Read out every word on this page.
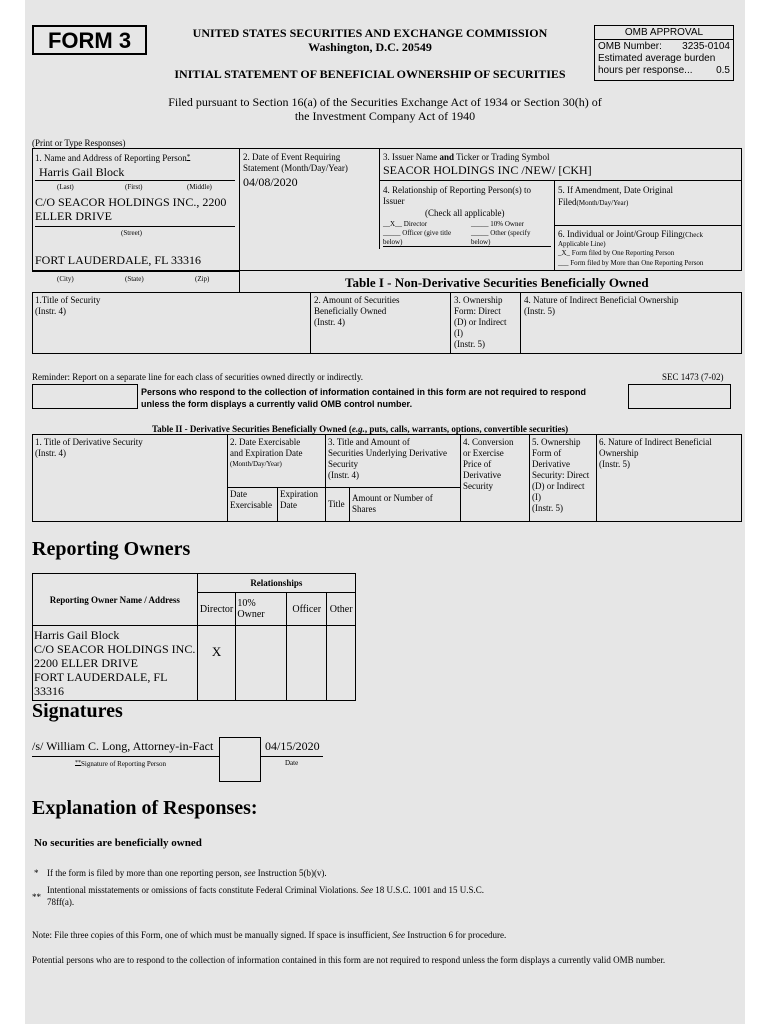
FORM 3	UNITED STATES SECURITIES AND EXCHANGE COMMISSION
Washington, D.C. 20549
INITIAL STATEMENT OF BENEFICIAL OWNERSHIP OF SECURITIES
OMB APPROVAL
OMB Number: 3235-0104
Estimated average burden
hours per response... 0.5
Filed pursuant to Section 16(a) of the Securities Exchange Act of 1934 or Section 30(h) of
the Investment Company Act of 1940
(Print or Type Responses)
1. Name and Address of Reporting Person*
Harris Gail Block
(Last)	(First)	(Middle)
C/O SEACOR HOLDINGS INC., 2200
ELLER DRIVE
(Street)
FORT LAUDERDALE, FL 33316
(City)	(State)	(Zip)
2. Date of Event Requiring
Statement (Month/Day/Year)
04/08/2020
3. Issuer Name and Ticker or Trading Symbol
SEACOR HOLDINGS INC /NEW/ [CKH]
4. Relationship of Reporting Person(s) to
Issuer
(Check all applicable)
__X__ Director	_____ 10% Owner
_____ Officer (give title	_____ Other (specify
below)	below)
5. If Amendment, Date Original
Filed(Month/Day/Year)
6. Individual or Joint/Group Filing(Check
Applicable Line)
_X_ Form filed by One Reporting Person
___ Form filed by More than One Reporting Person
Table I - Non-Derivative Securities Beneficially Owned
1.Title of Security
(Instr. 4)
2. Amount of Securities
Beneficially Owned
(Instr. 4)
3. Ownership
Form: Direct
(D) or Indirect
(I)
(Instr. 5)
4. Nature of Indirect Beneficial Ownership
(Instr. 5)
Reminder: Report on a separate line for each class of securities owned directly or indirectly.	SEC 1473 (7-02)
Persons who respond to the collection of information contained in this form are not required to respond
unless the form displays a currently valid OMB control number.
Table II - Derivative Securities Beneficially Owned (e.g., puts, calls, warrants, options, convertible securities)
1. Title of Derivative Security
(Instr. 4)
2. Date Exercisable
and Expiration Date
(Month/Day/Year)
3. Title and Amount of
Securities Underlying Derivative
Security
(Instr. 4)
4. Conversion
or Exercise
Price of
Derivative
Security
5. Ownership
Form of
Derivative
Security: Direct
(D) or Indirect
(I)
(Instr. 5)
6. Nature of Indirect Beneficial
Ownership
(Instr. 5)
Date
Exercisable
Expiration
Date	Title
Amount or Number of
Shares
Reporting Owners
Reporting Owner Name / Address	Relationships			
	Director	10%
Owner	Officer	Other

Harris Gail Block
C/O SEACOR HOLDINGS INC.
2200 ELLER DRIVE
FORT LAUDERDALE, FL 33316	X			
Signatures
/s/ William C. Long, Attorney-in-Fact
**Signature of Reporting Person
04/15/2020
Date
Explanation of Responses:
No securities are beneficially owned
* If the form is filed by more than one reporting person, see Instruction 5(b)(v).
**
Intentional misstatements or omissions of facts constitute Federal Criminal Violations. See 18 U.S.C. 1001 and 15 U.S.C.
78ff(a).
Note: File three copies of this Form, one of which must be manually signed. If space is insufficient, See Instruction 6 for procedure.
Potential persons who are to respond to the collection of information contained in this form are not required to respond unless the form displays a currently valid OMB number.
